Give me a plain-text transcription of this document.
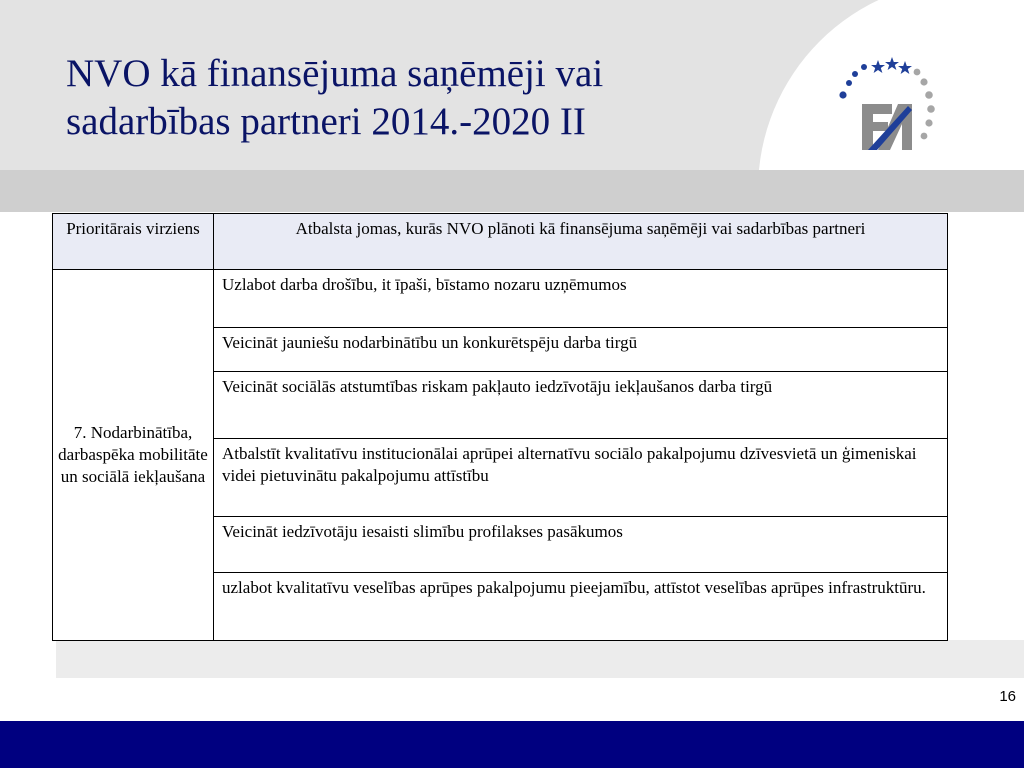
NVO kā finansējuma saņēmēji vai sadarbības partneri 2014.-2020 II
Prioritārais virziens	Atbalsta jomas, kurās NVO plānoti kā finansējuma saņēmēji vai sadarbības partneri
7. Nodarbinātība, darbaspēka mobilitāte un sociālā iekļaušana	Uzlabot darba drošību, it īpaši, bīstamo nozaru uzņēmumos
	Veicināt jauniešu nodarbinātību un konkurētspēju darba tirgū
	Veicināt sociālās atstumtības riskam pakļauto iedzīvotāju iekļaušanos darba tirgū
	Atbalstīt kvalitatīvu institucionālai aprūpei alternatīvu sociālo pakalpojumu dzīvesvietā un ģimeniskai videi pietuvinātu pakalpojumu attīstību
	Veicināt iedzīvotāju iesaisti slimību profilakses pasākumos
	uzlabot kvalitatīvu veselības aprūpes pakalpojumu pieejamību, attīstot veselības aprūpes infrastruktūru.
16
